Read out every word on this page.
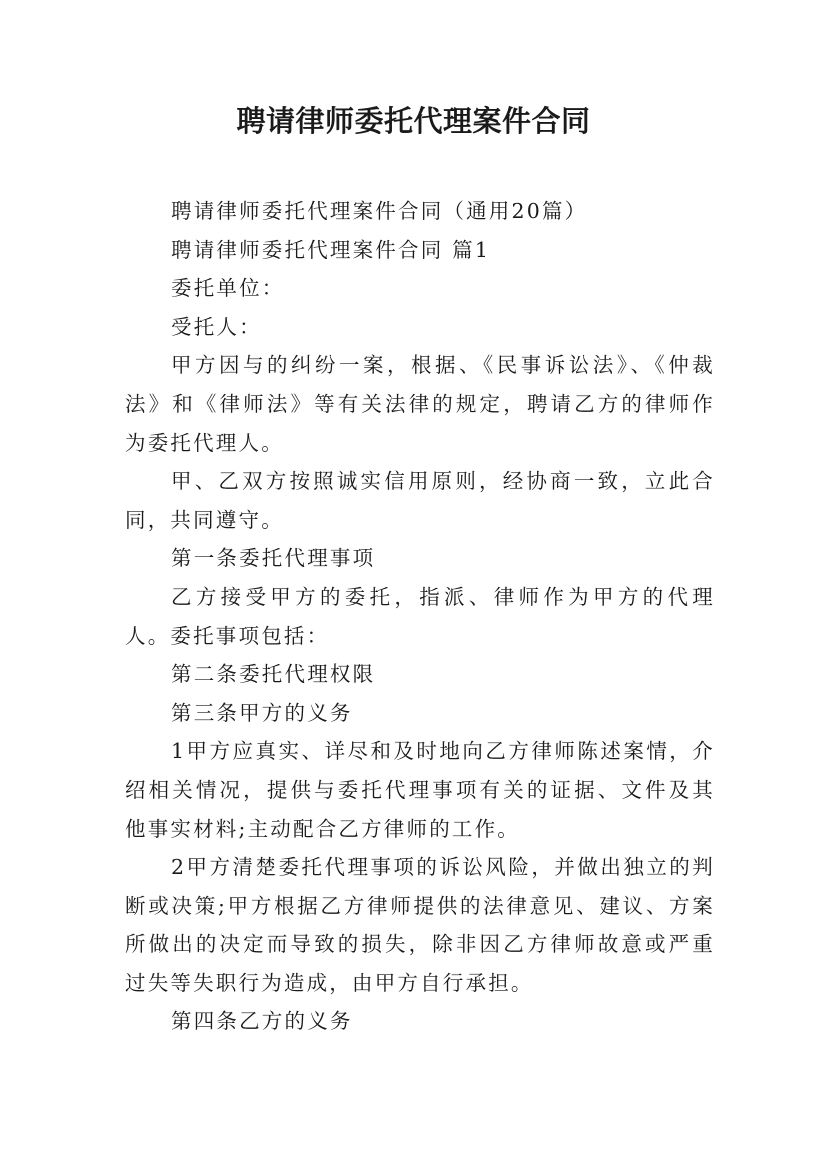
聘请律师委托代理案件合同

聘请律师委托代理案件合同（通用20篇）

聘请律师委托代理案件合同 篇1

委托单位：

受托人：

甲方因与的纠纷一案，根据、《民事诉讼法》、《仲裁法》和《律师法》等有关法律的规定，聘请乙方的律师作为委托代理人。

甲、乙双方按照诚实信用原则，经协商一致，立此合同，共同遵守。

第一条委托代理事项

乙方接受甲方的委托，指派、律师作为甲方的代理人。委托事项包括：

第二条委托代理权限

第三条甲方的义务

1甲方应真实、详尽和及时地向乙方律师陈述案情，介绍相关情况，提供与委托代理事项有关的证据、文件及其他事实材料;主动配合乙方律师的工作。

2甲方清楚委托代理事项的诉讼风险，并做出独立的判断或决策;甲方根据乙方律师提供的法律意见、建议、方案所做出的决定而导致的损失，除非因乙方律师故意或严重过失等失职行为造成，由甲方自行承担。

第四条乙方的义务
